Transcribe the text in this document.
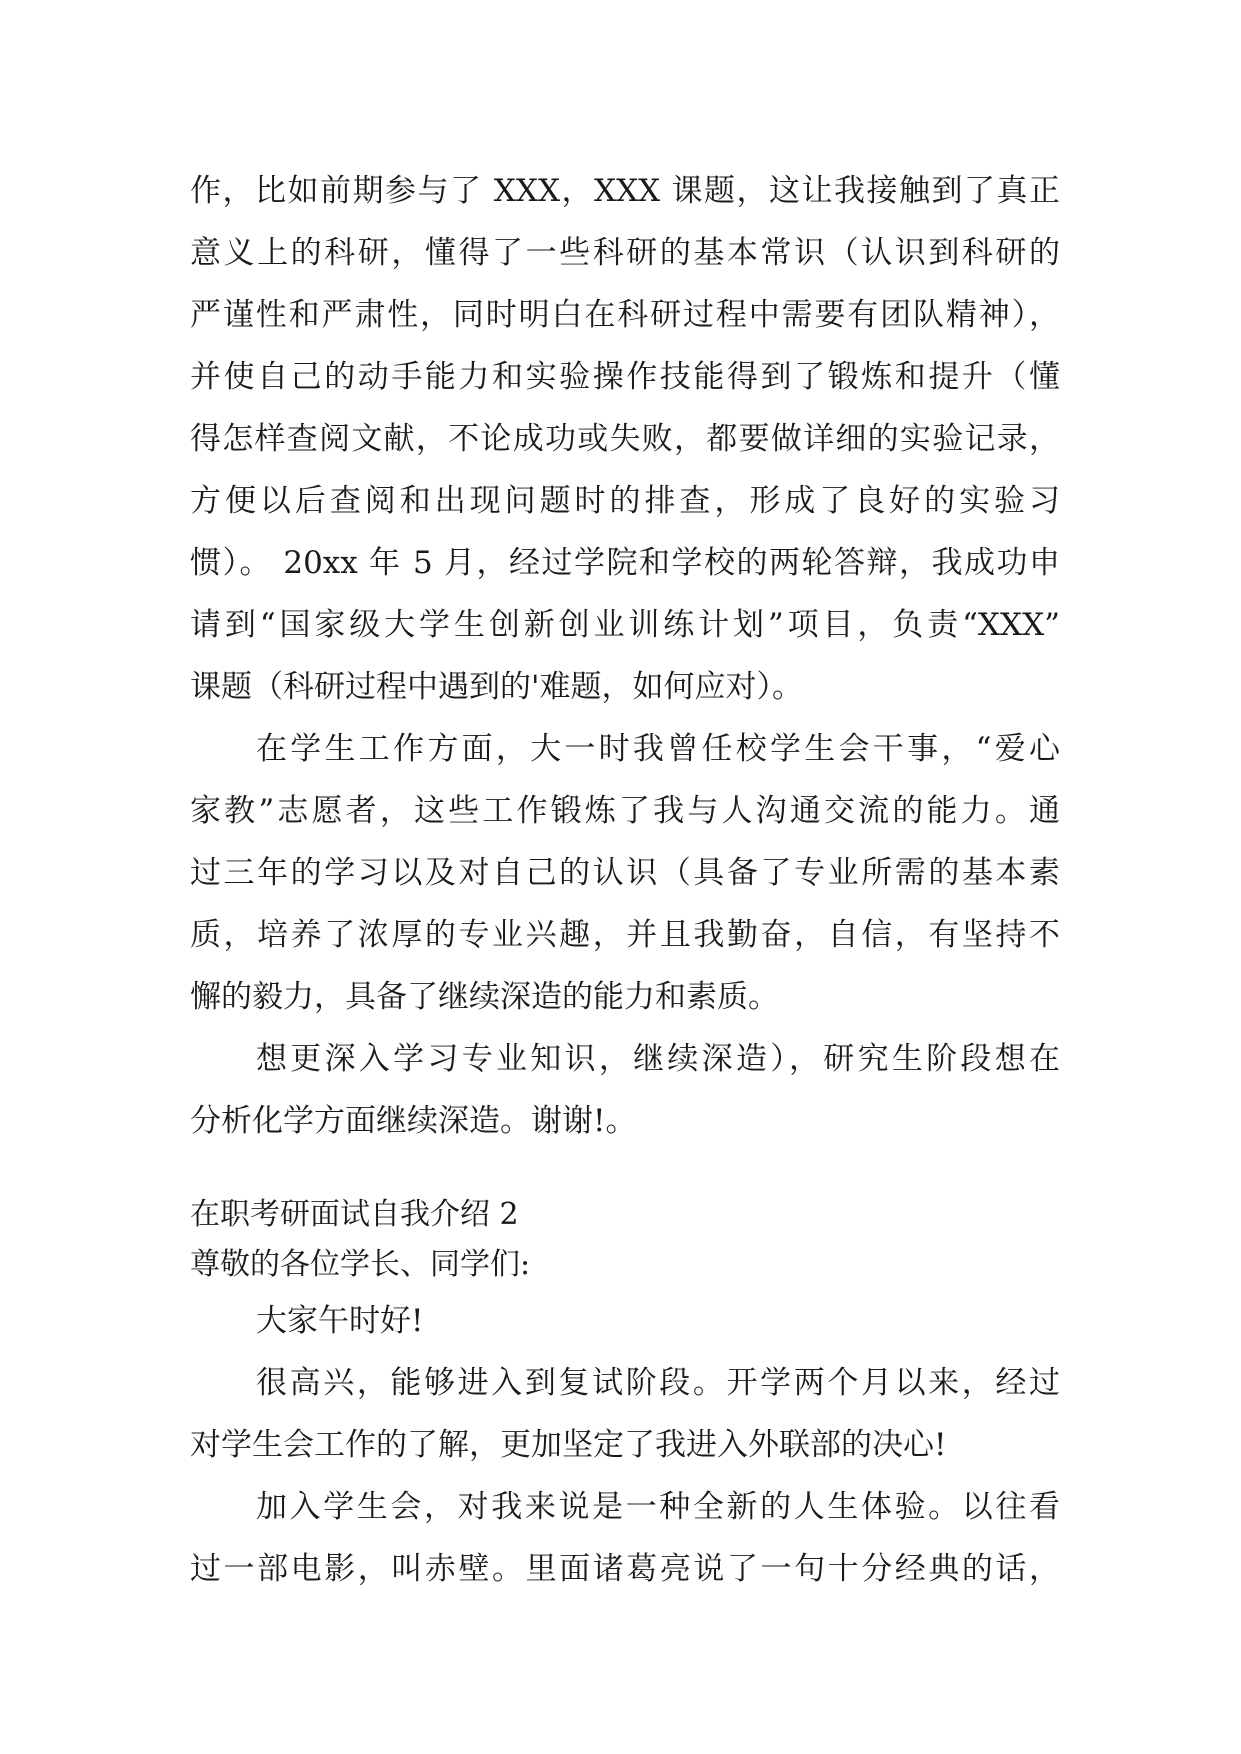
作，比如前期参与了 XXX，XXX 课题，这让我接触到了真正
意义上的科研，懂得了一些科研的基本常识（认识到科研的
严谨性和严肃性，同时明白在科研过程中需要有团队精神），
并使自己的动手能力和实验操作技能得到了锻炼和提升（懂
得怎样查阅文献，不论成功或失败，都要做详细的实验记录，
方便以后查阅和出现问题时的排查，形成了良好的实验习
惯）。 20xx 年 5 月，经过学院和学校的两轮答辩，我成功申
请到“国家级大学生创新创业训练计划”项目，负责“XXX”
课题（科研过程中遇到的'难题，如何应对）。
在学生工作方面，大一时我曾任校学生会干事，“爱心
家教”志愿者，这些工作锻炼了我与人沟通交流的能力。通
过三年的学习以及对自己的认识（具备了专业所需的基本素
质，培养了浓厚的专业兴趣，并且我勤奋，自信，有坚持不
懈的毅力，具备了继续深造的能力和素质。
想更深入学习专业知识，继续深造），研究生阶段想在
分析化学方面继续深造。谢谢!。
在职考研面试自我介绍 2
尊敬的各位学长、同学们:
大家午时好!
很高兴，能够进入到复试阶段。开学两个月以来，经过
对学生会工作的了解，更加坚定了我进入外联部的决心!
加入学生会，对我来说是一种全新的人生体验。以往看
过一部电影，叫赤壁。里面诸葛亮说了一句十分经典的话，
